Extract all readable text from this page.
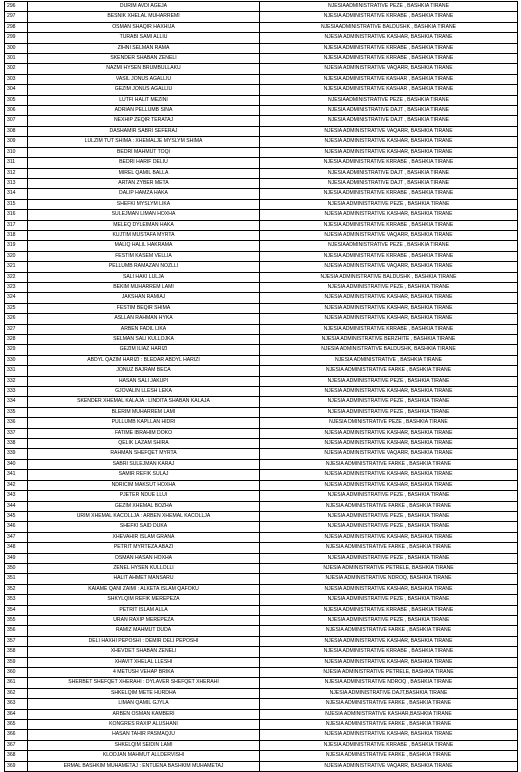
296	DURIM AVDI AGEJA	NJESIAADMINISTRATIVE PEZE , BASHKIA TIRANE
297	BESNIK XHELAL MUHARREMI	NJESIA ADMINISTRATIVE KRRABE , BASHKIA TIRANE
298	OSMAN SHAQIR HAXHIJA	NJESIAADMINISTRATIVE BALDUSHK , BASHKIA TIRANE
299	TURABI SAMI ALLIU	NJESIA ADMINISTRATIVE KASHAR, BASHKIA TIRANE
300	ZIHNI SELMAN RAMA	NJESIA ADMINISTRATIVE KRRABE , BASHKIA TIRANE
301	SKENDER SHABAN ZENELI	NJESIA ADMINISTRATIVE KRRABE , BASHKIA TIRANE
302	NAZMI HYSEN BRUMBULLAKU	NJESIA ADMINISTRATIVE VAQARR, BASHKIA TIRANE
303	VASIL JONUS AGALLIU	NJESIA ADMINISTRATIVE KASHAR , BASHKIA TIRANE
304	GEZIM JONUS AGALLIU	NJESIA ADMINISTRATIVE KASHAR , BASHKIA TIRANE
305	LUTFI HALIT MEZINI	NJESIAADMINISTRATIVE PEZE , BASHKIA TIRANE
306	ADRIAN PELLUMB SINA	NJESIA ADMINISTRATIVE DAJT , BASHKIA TIRANE
307	NEXHIP ZEQIR TERATAJ	NJESIA ADMINISTRATIVE DAJT , BASHKIA TIRANE
308	DASHAMIR SABRI SEFERAJ	NJESIA ADMINISTRATIVE VAQARR, BASHKIA TIRANE
309	LULZIM TUT SHIMA : XHEMALJE MYSLYM SHIMA	NJESIA ADMINISTRATIVE KASHAR, BASHKIA TIRANE
310	BEDRI MAHMUT TOQI	NJESIA ADMINISTRATIVE KASHAR, BASHKIA TIRANE
311	BEDRI HARIF DELIU	NJESIA ADMINISTRATIVE KRRABE , BASHKIA TIRANE
312	MIREL QAMIL BALLA	NJESIA ADMINISTRATIVE DAJT , BASHKIA TIRANE
313	ARTAN ZYBER META	NJESIA ADMINISTRATIVE DAJT , BASHKIA TIRANE
314	DALIP HAMZA HAKA	NJESIA ADMINISTRATIVE KRRABE , BASHKIA TIRANE
315	SHEFKI MYSLYM LIKA	NJESIA ADMINISTRATIVE PEZE , BASHKIA TIRANE
316	SULEJMAN LIMAN HOXHA	NJESIA ADMINISTRATIVE KASHAR, BASHKIA TIRANE
317	MELEQ DYLEIMAN HAKA	NJESIA ADMINISTRATIVE KRRABE , BASHKIA TIRANE
318	KUJTIM MUSTAFA MYRTA	NJESIA ADMINISTRATIVE VAQARR, BASHKIA TIRANE
319	MALIQ HALIL HAKRAMA	NJESIAADMINISTRATIVE PEZE , BASHKIA TIRANE
320	FESTIM KASEM VELLIA	NJESIA ADMINISTRATIVE KRRABE , BASHKIA TIRANE
321	PELLUMB RAMAZAN NOZLLI	NJESIA ADMINISTRATIVE VAQARR, BASHKIA TIRANE
322	SALI HAKI LULJA	NJESIA ADMINISTRATIVE BALDUSHK , BASHKIA TIRANE
323	BEKIM MUHARREM LAMI	NJESIA ADMINISTRATIVE PEZE , BASHKIA TIRANE
324	JAKSHAN RAMIAJ	NJESIA ADMINISTRATIVE KASHAR, BASHKIA TIRANE
325	FESTIM BEQIR SHIMA	NJESIA ADMINISTRATIVE KASHAR, BASHKIA TIRANE
326	ASLLAN RAHMAN HYKA	NJESIA ADMINISTRATIVE KASHAR, BASHKIA TIRANE
327	ARBEN FADIL LIKA	NJESIA ADMINISTRATIVE KRRABE , BASHKIA TIRANE
328	SELMAN SALI KULLOJKA	NJESIA ADMINISTRATIVE BERZHITE , BASHKIA TIRANE
329	GEZIM ILIAZ HARIZI	NJESIA ADMINISTRATIVE BALDUSHK, BASHKIA TIRANE
330	ABDYL QAZIM HARIZI : BLEDAR ABDYL HARIZI	NJESIA ADMINISTRATIVE , BASHKIA TIRANE
331	JONUZ BAJRAM BECA	NJESIA ADMINISTRATIVE FARKE , BASHKIA TIRANE
332	HASAN SALI JAKUPI	NJESIA ADMINISTRATIVE PEZE , BASHKIA TIRANE
333	GJOVALIN LLESH LEKA	NJESIA ADMINISTRATIVE KASHAR, BASHKIA TIRANE
334	SKENDER XHEMAL KALAJA : LINDITA SHABAN KALAJA	NJESIA ADMINISTRATIVE PEZE , BASHKIA TIRANE
335	BLERIM MUHARREM LAMI	NJESIA ADMINISTRATIVE PEZE , BASHKIA TIRANE
336	PULLUMB KAPLLAN HIDRI	NJESIA DMINISTRATIVE PEZE , BASHKIA TIRANE
337	FATIME IBRAHIM DOKO	NJESIA ADMINISTRATIVE KASHAR, BASHKIA TIRANE
338	QELIK LAZAM SHIRA	NJESIA ADMINISTRATIVE KASHAR, BASHKIA TIRANE
339	RAHMAN SHEFQET MYRTA	NJESIA ADMINISTRATIVE VAQARR, BASHKIA TIRANE
340	SABRI SULEJMAN KARAJ	NJESIA ADMINISTRATIVE FARKE , BASHKIA TIRANE
341	SAMIR REFIK SULAJ	NJESIA ADMINISTRATIVE KASHAR, BASHKIA TIRANE
342	NDRICIM MAKSUT HOXHA	NJESIA ADMINISTRATIVE KASHAR, BASHKIA TIRANE
343	PJETER NDUE LLUI	NJESIA ADMINISTRATIVE PEZE , BASHKIA TIRANE
344	GEZIM XHEMAL BOZHA	NJESIA ADMINISTRATIVE FARKE , BASHKIA TIRANE
345	URIM XHEMAL KACOLLJA : ARBEN XHEMAL KACOLLJA	NJESIA ADMINISTRATIVE PEZE , BASHKIA TIRANE
346	SHEFKI SAID DUKA	NJESIA ADMINISTRATIVE PEZE , BASHKIA TIRANE
347	XHEVAHIR ISLAM GRANA	NJESIA ADMINISTRATIVE KASHAR, BASHKIA TIRANE
348	PETRIT MYRTEZA ABAZI	NJESIA ADMINISTRATIVE FARKE , BASHKIA TIRANE
349	OSMAN HASAN HOXHA	NJESIA ADMINISTRATIVE PEZE , BASHKIA TIRANE
350	ZENEL HYSEN KULLOLLI	NJESIA ADMINISTRATIVE PETRELE, BASHKIA TIRANE
351	HALIT AHMET MANSARU	NJESIA ADMINISTRATIVE NDROQ, BASHKIA TIRANE
352	KAIAME QANI ZAIMI : ALKETA ISLAM QAFOKU	NJESIA ADMINISTRATIVE KASHAR, BASHKIA TIRANE
353	SHKYLQIM REFIK MEREPEZA	NJESIA ADMINISTRATIVE PEZE , BASHKIA TIRANE
354	PETRIT ISLAM ALLA	NJESIA ADMINISTRATIVE KRRABE , BASHKIA TIRANE
355	URAN RAXIP MEREPEZA	NJESIA ADMINISTRATIVE PEZE , BASHKIA TIRANE
356	RAMIZ MAHMUT DUDA	NJESIA ADMINISTRATIVE FARKE , BASHKIA TIRANE
357	DELI HAXHI PEPOSHI : DEMIR DELI PEPOSHI	NJESIA ADMINISTRATIVE KASHAR, BASHKIA TIRANE
358	XHEVDET SHABAN ZENELI	NJESIA ADMINISTRATIVE KRRABE , BASHKIA TIRANE
359	XHAVIT XHELAL LLESHI	NJESIA ADMINISTRATIVE KASHAR, BASHKIA TIRANE
360	4 METUSH VEHAP BRIKA	NJESIA ADMINISTRATIVE PETRELE, BASHKIA TIRANE
361	SHERBET SHEFQET XHERAHI : DYLAVER SHEFQET XHERAHI	NJESIA ADMINISTRATIVE NDROQ , BASHKIA TIRANE
362	SHKELQIM METE HURDHA	NJESIA ADMINISTRATIVE DAJT,BASHKIA TIRANE
363	LIMAN QAMIL GJYLA	NJESIA ADMINISTRATIVE FARKE , BASHKIA TIRANE
364	ARBEN OSMAN KAMBERI	NJESIA ADMINISTRATIVE KASHAR,BASHKIA TIRANE
365	KONGRES RAXIP ALUSHANI	NJESIA ADMINISTRATIVE FARKE , BASHKIA TIRANE
366	HASAN TAHIR PASMAQJU	NJESIA ADMINISTRATIVE KASHAR, BASHKIA TIRANE
367	SHKELQIM SEIDIN LAMI	NJESIA ADMINISTRATIVE KRRABE , BASHKIA TIRANE
368	KLODJAN MAHMUT ALLDERVISHI	NJESIA ADMINISTRATIVE FARKE , BASHKIA TIRANE
369	ERMAL BASHKIM MUHAMETAJ : ENTUENA BASHKIM MUHAMETAJ	NJESIA ADMINISTRATIVE VAQARR, BASHKIA TIRANE
